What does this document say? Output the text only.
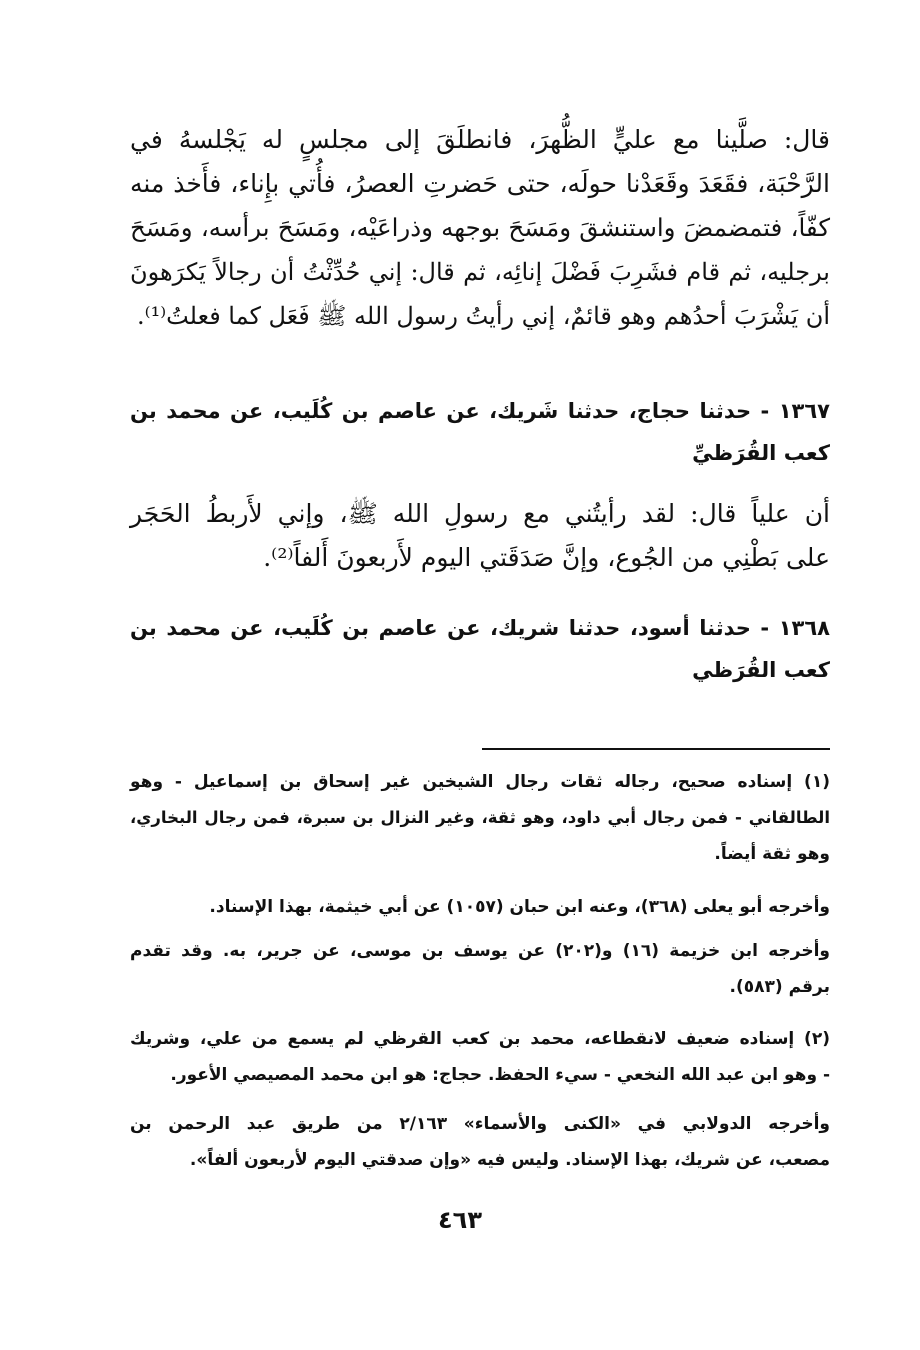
قال: صلَّينا مع عليٍّ الظُّهرَ، فانطلَقَ إلى مجلسٍ له يَجْلسهُ في
الرَّحْبَة، فقَعَدَ وقَعَدْنا حولَه، حتى حَضرتِ العصرُ، فأُتي بإِناء، فأَخذ منه
كفّاً، فتمضمضَ واستنشقَ ومَسَحَ بوجهه وذراعَيْه، ومَسَحَ برأسه، ومَسَحَ
برجليه، ثم قام فشَرِبَ فَضْلَ إنائِه، ثم قال: إني حُدِّثْتُ أن رجالاً يَكرَهونَ
أن يَشْرَبَ أحدُهم وهو قائمٌ، إني رأيتُ رسول الله ﷺ فَعَل كما فعلتُ⁽¹⁾.
١٣٦٧ - حدثنا حجاج، حدثنا شَريك، عن عاصم بن كُلَيب، عن محمد بن
كعب القُرَظيِّ
أن علياً قال: لقد رأيتُني مع رسولِ الله ﷺ، وإني لأَربطُ الحَجَر
على بَطْنِي من الجُوع، وإنَّ صَدَقَتي اليوم لأَربعونَ أَلفاً⁽²⁾.
١٣٦٨ - حدثنا أسود، حدثنا شريك، عن عاصم بن كُلَيب، عن محمد بن
كعب القُرَظي
(١) إسناده صحيح، رجاله ثقات رجال الشيخين غير إسحاق بن إسماعيل - وهو
الطالقاني - فمن رجال أبي داود، وهو ثقة، وغير النزال بن سبرة، فمن رجال البخاري،
وهو ثقة أيضاً.
وأخرجه أبو يعلى (٣٦٨)، وعنه ابن حبان (١٠٥٧) عن أبي خيثمة، بهذا الإسناد.
وأخرجه ابن خزيمة (١٦) و(٢٠٢) عن يوسف بن موسى، عن جرير، به. وقد تقدم
برقم (٥٨٣).
(٢) إسناده ضعيف لانقطاعه، محمد بن كعب القرظي لم يسمع من علي، وشريك
- وهو ابن عبد الله النخعي - سيء الحفظ. حجاج: هو ابن محمد المصيصي الأعور.
وأخرجه الدولابي في «الكنى والأسماء» ٢/١٦٣ من طريق عبد الرحمن بن
مصعب، عن شريك، بهذا الإسناد. وليس فيه «وإن صدقتي اليوم لأربعون ألفاً».
٤٦٣
